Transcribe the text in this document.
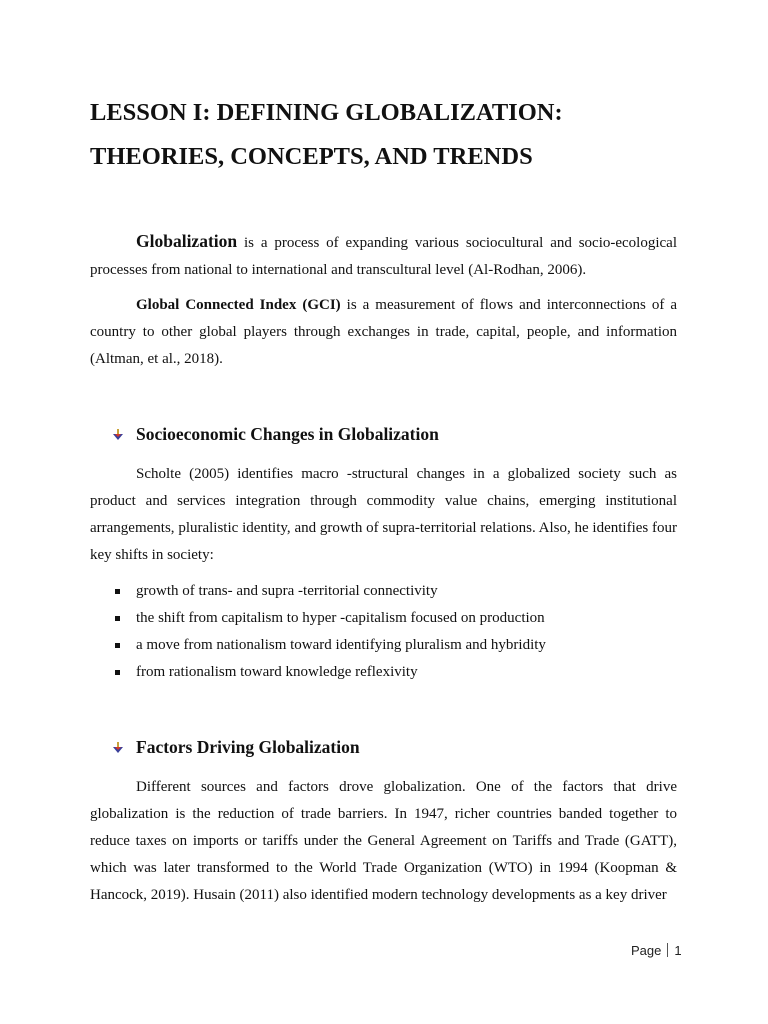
LESSON I: DEFINING GLOBALIZATION:
THEORIES, CONCEPTS, AND TRENDS

Globalization is a process of expanding various sociocultural and socio-ecological processes from national to international and transcultural level (Al-Rodhan, 2006).

Global Connected Index (GCI) is a measurement of flows and interconnections of a country to other global players through exchanges in trade, capital, people, and information (Altman, et al., 2018).

Socioeconomic Changes in Globalization

Scholte (2005) identifies macro -structural changes in a globalized society such as product and services integration through commodity value chains, emerging institutional arrangements, pluralistic identity, and growth of supra-territorial relations. Also, he identifies four key shifts in society:

growth of trans- and supra -territorial connectivity
the shift from capitalism to hyper -capitalism focused on production
a move from nationalism toward identifying pluralism and hybridity
from rationalism toward knowledge reflexivity
Factors Driving Globalization

Different sources and factors drove globalization. One of the factors that drive globalization is the reduction of trade barriers. In 1947, richer countries banded together to reduce taxes on imports or tariffs under the General Agreement on Tariffs and Trade (GATT), which was later transformed to the World Trade Organization (WTO) in 1994 (Koopman & Hancock, 2019). Husain (2011) also identified modern technology developments as a key driver

Page 1
